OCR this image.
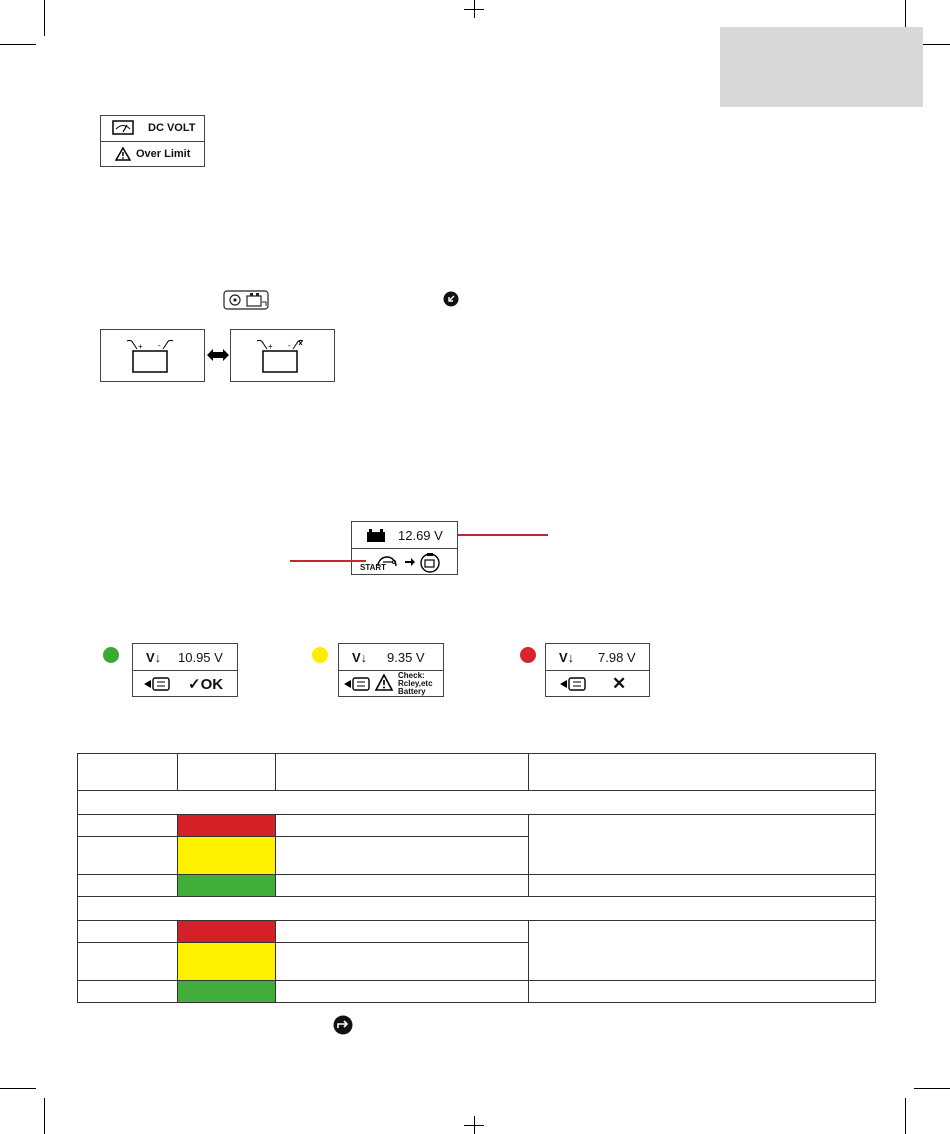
DC VOLT
Over Limit
+ -	+ -
12.69 V
START
V↓ 10.95 V
✓OK
V↓ 9.35 V
Check: Rcley,etc Battery
V↓ 7.98 V
✕
